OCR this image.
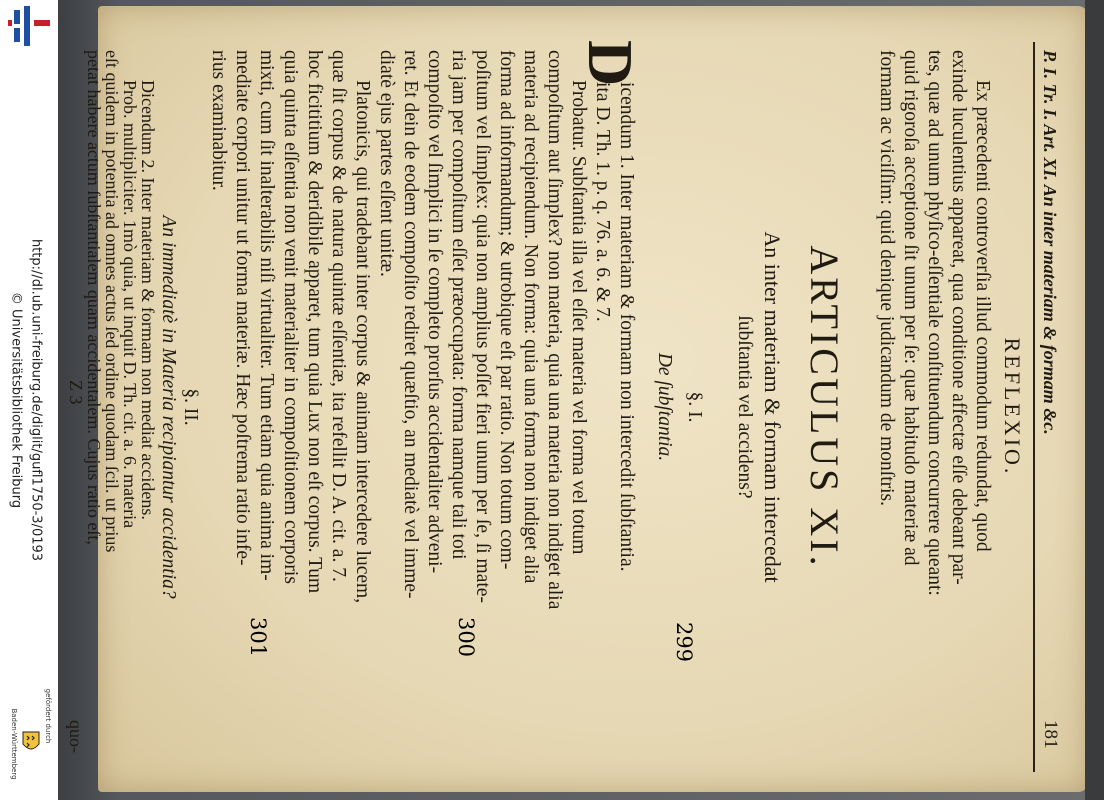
http://dl.ub.uni-freiburg.de/diglit/gufl1750-3/0193
© Universitätsbibliothek Freiburg
gefördert durch
Baden-Württemberg
P. I. Tr. I. Art. XI. An inter materiam & formam &c.
181
REFLEXIO.
Ex præcedenti controverſia illud commodum redundat, quod
exinde luculentius appareat, qua conditione affectæ eſſe debeant par-
tes, quæ ad unum phyſico-eſſentiale conſtituendum concurrere queant:
quid rigoroſa acceptione ſit unum per ſe: quæ habitudo materiæ ad
formam ac viciſſim: quid denique judicandum de monſtris.
ARTICULUS XI.
An inter materiam & formam intercedat
ſubſtantia vel accidens?
§. I.
De ſubſtantia.
D
icendum 1. Inter materiam & formam non intercedit ſubſtantia.
ita D. Th. 1. p. q. 76. a. 6. & 7.
Probatur. Subſtantia illa vel eſſet materia vel forma vel totum
compoſitum aut ſimplex? non materia, quia una materia non indiget alia
materia ad recipiendum. Non forma: quia una forma non indiget alia
forma ad informandum; & utrobique eſt par ratio. Non totum com-
poſitum vel ſimplex: quia non amplius poſſet fieri unum per ſe, ſi mate-
ria jam per compoſitum eſſet præoccupata: forma namque tali toti
compoſito vel ſimplici in ſe completo prorſus accidentaliter adveni-
ret. Et dein de eodem compoſito rediret quæſtio, an mediatè vel imme-
diatè ejus partes eſſent unitæ.
Platonicis, qui tradebant inter corpus & animam intercedere lucem,
quæ ſit corpus & de natura quintæ eſſentiæ, ita refellit D. A. cit. a. 7.
hoc ficititium & deridibile apparet, tum quia Lux non eſt corpus. Tum
quia quinta eſſentia non venit materialiter in compoſitionem corporis
mixti, cum ſit inalterabilis niſi virtualiter. Tum etiam quia anima im-
mediate corpori unitur ut forma materiæ. Hæc poſtrema ratio infe-
rius examinabitur.
§. II.
An immediatè in Materia recipiantur accidentia?
Dicendum 2. Inter materiam & formam non mediat accidens.
Prob. multipliciter. 1mò quia, ut inquit D. Th. cit. a. 6. materia
eſt quidem in potentia ad omnes actus ſed ordine quodam ſcil. ut prius
petat habere actum ſubſtantialem quam accidentalem. Cujus ratio eſt,
Z 3
quo-
299
300
301
